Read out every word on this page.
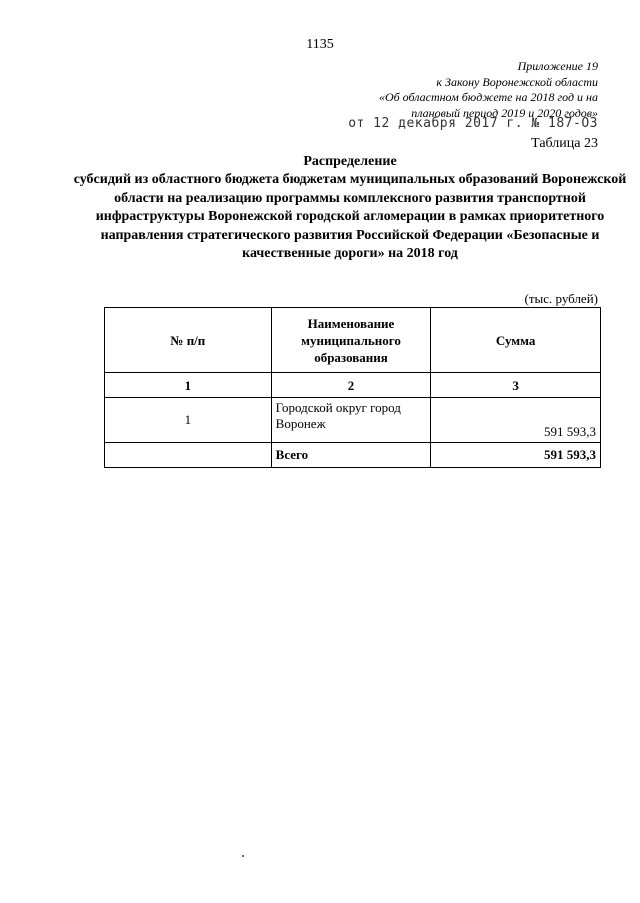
1135
Приложение 19
к Закону Воронежской области
«Об областном бюджете на 2018 год и на
плановый период 2019 и 2020 годов»
от 12 декабря 2017 г. № 187-ОЗ
Таблица 23
Распределение
субсидий из областного бюджета бюджетам муниципальных образований Воронежской области на реализацию программы комплексного развития транспортной инфраструктуры Воронежской городской агломерации в рамках приоритетного направления стратегического развития Российской Федерации «Безопасные и качественные дороги» на 2018 год
(тыс. рублей)
№ п/п	Наименование муниципального образования	Сумма
1	2	3
1	Городской округ город Воронеж	591 593,3
	Всего	591 593,3
